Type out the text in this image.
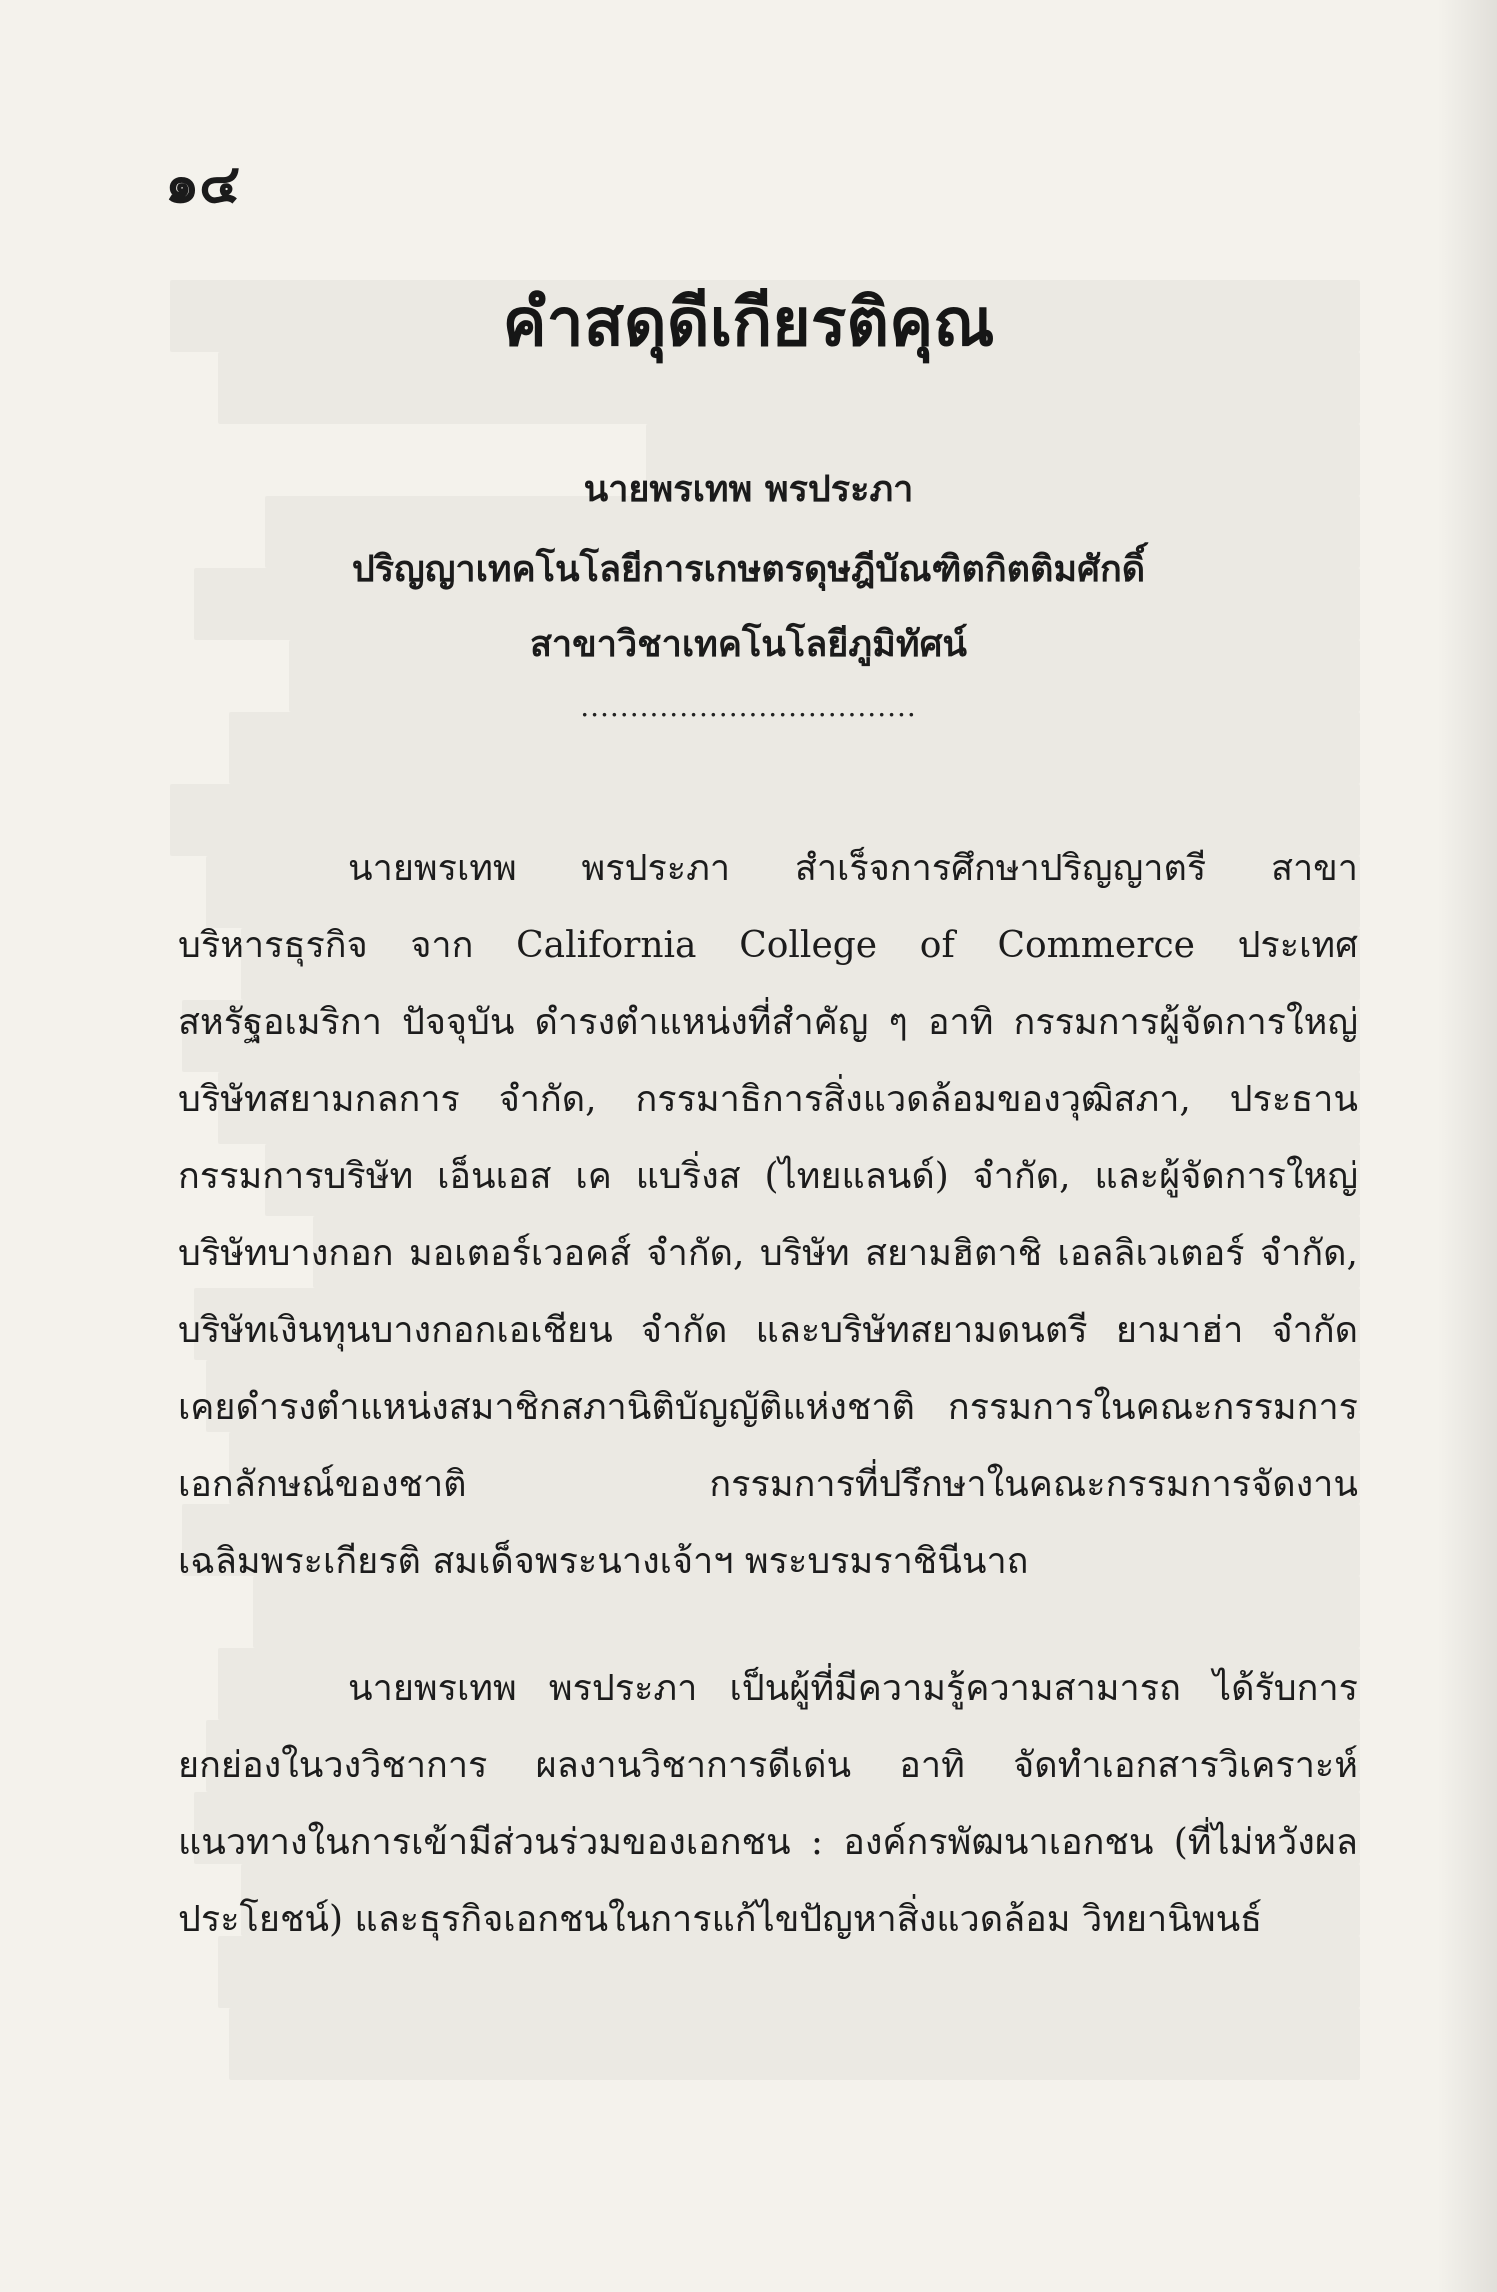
๑๔
คำสดุดีเกียรติคุณ
นายพรเทพ พรประภา
ปริญญาเทคโนโลยีการเกษตรดุษฎีบัณฑิตกิตติมศักดิ์
สาขาวิชาเทคโนโลยีภูมิทัศน์
..................................

นายพรเทพ พรประภา สำเร็จการศึกษาปริญญาตรี สาขาบริหารธุรกิจ จาก California College of Commerce ประเทศสหรัฐอเมริกา ปัจจุบัน ดำรงตำแหน่งที่สำคัญ ๆ อาทิ กรรมการผู้จัดการใหญ่ บริษัทสยามกลการ จำกัด, กรรมาธิการสิ่งแวดล้อมของวุฒิสภา, ประธานกรรมการบริษัท เอ็นเอส เค แบริ่งส (ไทยแลนด์) จำกัด, และผู้จัดการใหญ่ บริษัทบางกอก มอเตอร์เวอคส์ จำกัด, บริษัท สยามฮิตาชิ เอลลิเวเตอร์ จำกัด, บริษัทเงินทุนบางกอกเอเชียน จำกัด และบริษัทสยามดนตรี ยามาฮ่า จำกัด เคยดำรงตำแหน่งสมาชิกสภานิติบัญญัติแห่งชาติ กรรมการในคณะกรรมการเอกลักษณ์ของชาติ กรรมการที่ปรึกษาในคณะกรรมการจัดงานเฉลิมพระเกียรติ สมเด็จพระนางเจ้าฯ พระบรมราชินีนาถ

นายพรเทพ พรประภา เป็นผู้ที่มีความรู้ความสามารถ ได้รับการยกย่องในวงวิชาการ ผลงานวิชาการดีเด่น อาทิ จัดทำเอกสารวิเคราะห์แนวทางในการเข้ามีส่วนร่วมของเอกชน : องค์กรพัฒนาเอกชน (ที่ไม่หวังผลประโยชน์) และธุรกิจเอกชนในการแก้ไขปัญหาสิ่งแวดล้อม วิทยานิพนธ์
